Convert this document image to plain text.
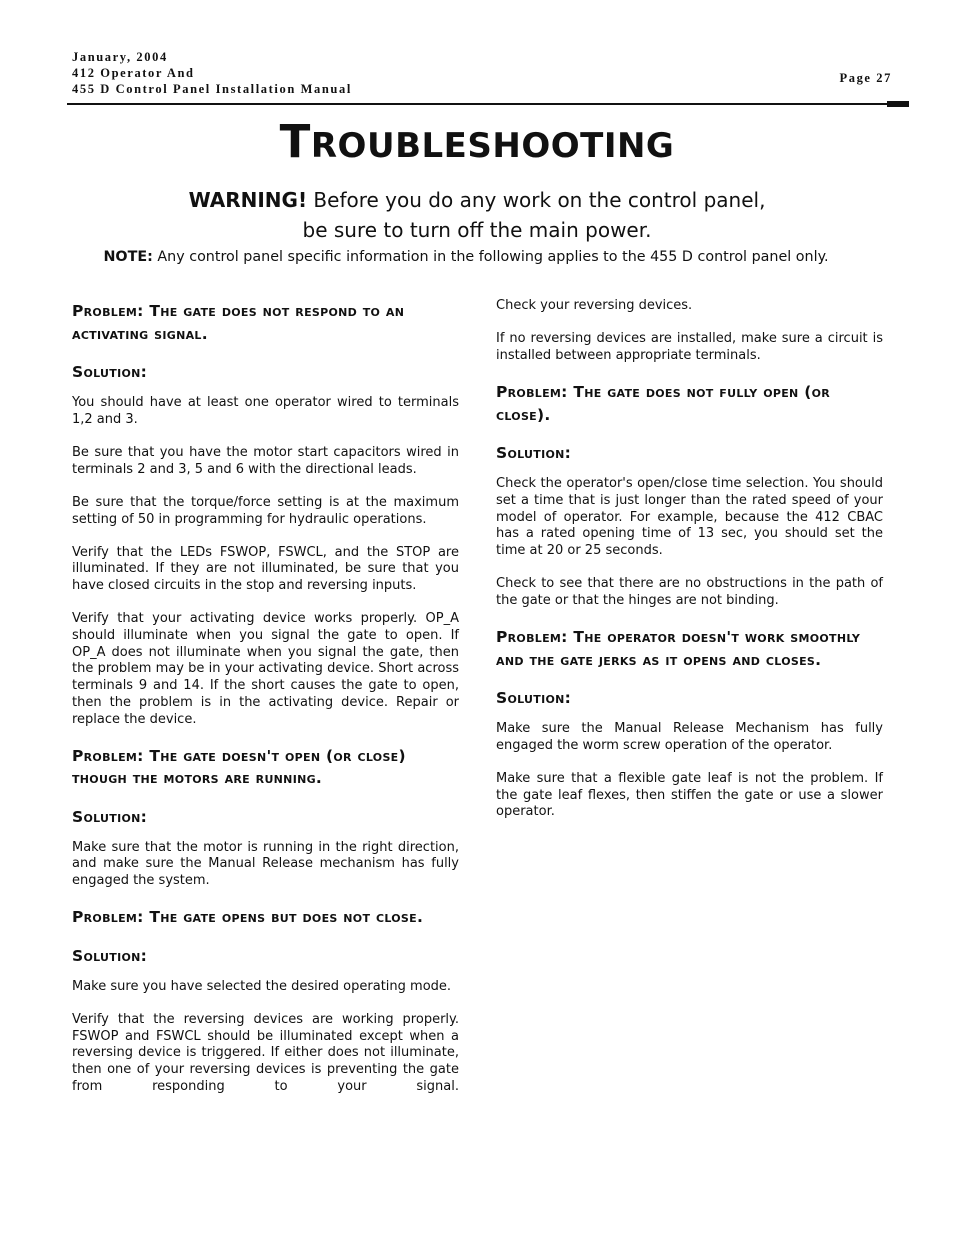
January, 2004
412 Operator And
455 D Control Panel Installation Manual
Page 27
TROUBLESHOOTING
WARNING! Before you do any work on the control panel,
be sure to turn off the main power.
NOTE: Any control panel specific information in the following applies to the 455 D control panel only.
Problem: The gate does not respond to an activating signal.
Solution:

You should have at least one operator wired to terminals 1,2 and 3.

Be sure that you have the motor start capacitors wired in terminals 2 and 3, 5 and 6 with the directional leads.

Be sure that the torque/force setting is at the maximum setting of 50 in programming for hydraulic operations.

Verify that the LEDs FSWOP, FSWCL, and the STOP are illuminated. If they are not illuminated, be sure that you have closed circuits in the stop and reversing inputs.

Verify that your activating device works properly. OP_A should illuminate when you signal the gate to open. If OP_A does not illuminate when you signal the gate, then the problem may be in your activating device. Short across terminals 9 and 14. If the short causes the gate to open, then the problem is in the activating device. Repair or replace the device.

Problem: The gate doesn't open (or close) though the motors are running.
Solution:

Make sure that the motor is running in the right direction, and make sure the Manual Release mechanism has fully engaged the system.

Problem: The gate opens but does not close.
Solution:

Make sure you have selected the desired operating mode.

Verify that the reversing devices are working properly. FSWOP and FSWCL should be illuminated except when a reversing device is triggered. If either does not illuminate, then one of your reversing devices is preventing the gate from responding to your signal.

Check your reversing devices.

If no reversing devices are installed, make sure a circuit is installed between appropriate terminals.

Problem: The gate does not fully open (or close).
Solution:

Check the operator's open/close time selection. You should set a time that is just longer than the rated speed of your model of operator. For example, because the 412 CBAC has a rated opening time of 13 sec, you should set the time at 20 or 25 seconds.

Check to see that there are no obstructions in the path of the gate or that the hinges are not binding.

Problem: The operator doesn't work smoothly and the gate jerks as it opens and closes.
Solution:

Make sure the Manual Release Mechanism has fully engaged the worm screw operation of the operator.

Make sure that a flexible gate leaf is not the problem. If the gate leaf flexes, then stiffen the gate or use a slower operator.
